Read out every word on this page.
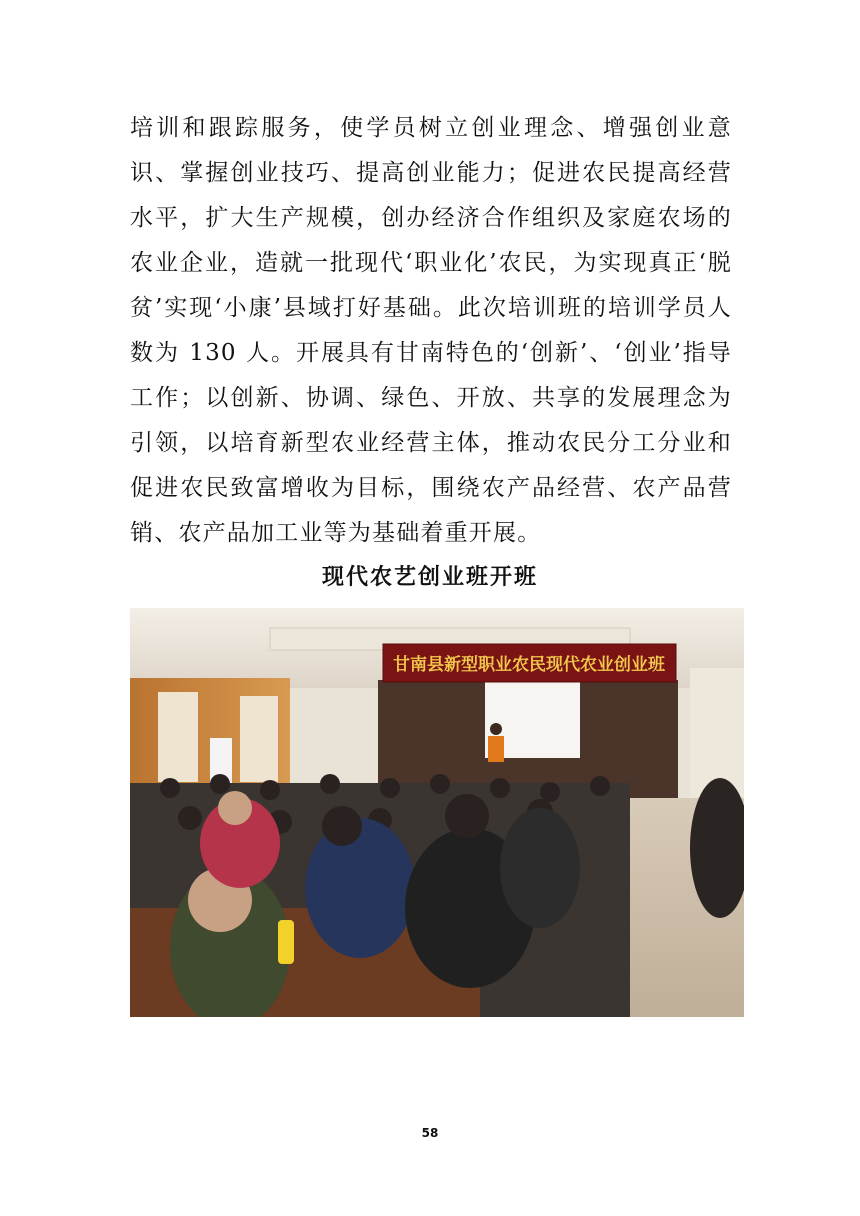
培训和跟踪服务，使学员树立创业理念、增强创业意识、掌握创业技巧、提高创业能力；促进农民提高经营水平，扩大生产规模，创办经济合作组织及家庭农场的农业企业，造就一批现代‘职业化’农民，为实现真正‘脱贫’实现‘小康’县域打好基础。此次培训班的培训学员人数为 130 人。开展具有甘南特色的‘创新’、‘创业’指导工作；以创新、协调、绿色、开放、共享的发展理念为引领，以培育新型农业经营主体，推动农民分工分业和促进农民致富增收为目标，围绕农产品经营、农产品营销、农产品加工业等为基础着重开展。

现代农艺创业班开班
甘南县新型职业农民现代农业创业班
58
